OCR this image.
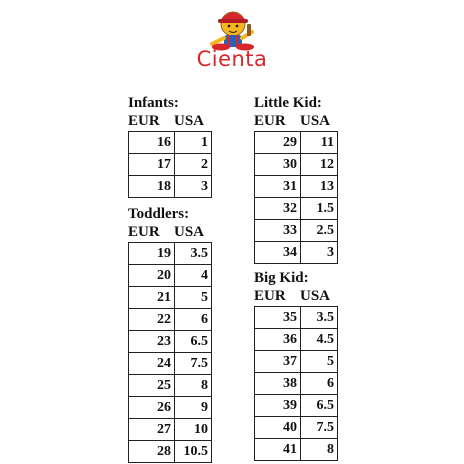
Cienta
Infants:
EUR USA
16	1
17	2
18	3
Toddlers:
EUR USA
19	3.5
20	4
21	5
22	6
23	6.5
24	7.5
25	8
26	9
27	10
28	10.5
Little Kid:
EUR USA
29	11
30	12
31	13
32	1.5
33	2.5
34	3
Big Kid:
EUR USA
35	3.5
36	4.5
37	5
38	6
39	6.5
40	7.5
41	8
